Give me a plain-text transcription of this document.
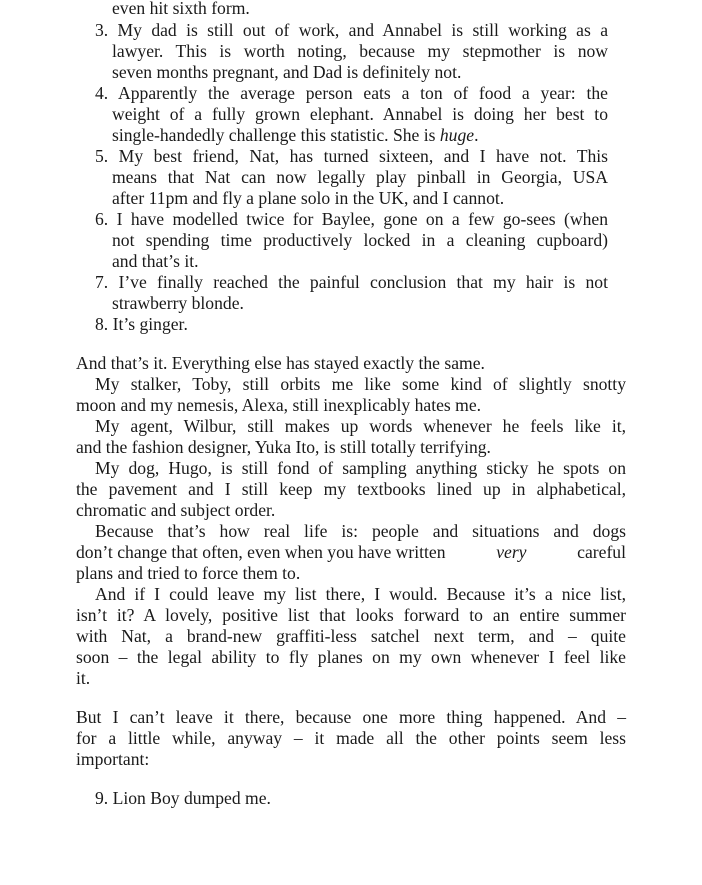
even hit sixth form.
3. My dad is still out of work, and Annabel is still working as a
lawyer. This is worth noting, because my stepmother is now
seven months pregnant, and Dad is definitely not.
4. Apparently the average person eats a ton of food a year: the
weight of a fully grown elephant. Annabel is doing her best to
single-handedly challenge this statistic. She is huge.
5. My best friend, Nat, has turned sixteen, and I have not. This
means that Nat can now legally play pinball in Georgia, USA
after 11pm and fly a plane solo in the UK, and I cannot.
6. I have modelled twice for Baylee, gone on a few go-sees (when
not spending time productively locked in a cleaning cupboard)
and that’s it.
7. I’ve finally reached the painful conclusion that my hair is not
strawberry blonde.
8. It’s ginger.
And that’s it. Everything else has stayed exactly the same.
My stalker, Toby, still orbits me like some kind of slightly snotty
moon and my nemesis, Alexa, still inexplicably hates me.
My agent, Wilbur, still makes up words whenever he feels like it,
and the fashion designer, Yuka Ito, is still totally terrifying.
My dog, Hugo, is still fond of sampling anything sticky he spots on
the pavement and I still keep my textbooks lined up in alphabetical,
chromatic and subject order.
Because that’s how real life is: people and situations and dogs
don’t change that often, even when you have written	very	careful
plans and tried to force them to.
And if I could leave my list there, I would. Because it’s a nice list,
isn’t it? A lovely, positive list that looks forward to an entire summer
with Nat, a brand-new graffiti-less satchel next term, and – quite
soon – the legal ability to fly planes on my own whenever I feel like
it.
But I can’t leave it there, because one more thing happened. And –
for a little while, anyway – it made all the other points seem less
important:
9. Lion Boy dumped me.
